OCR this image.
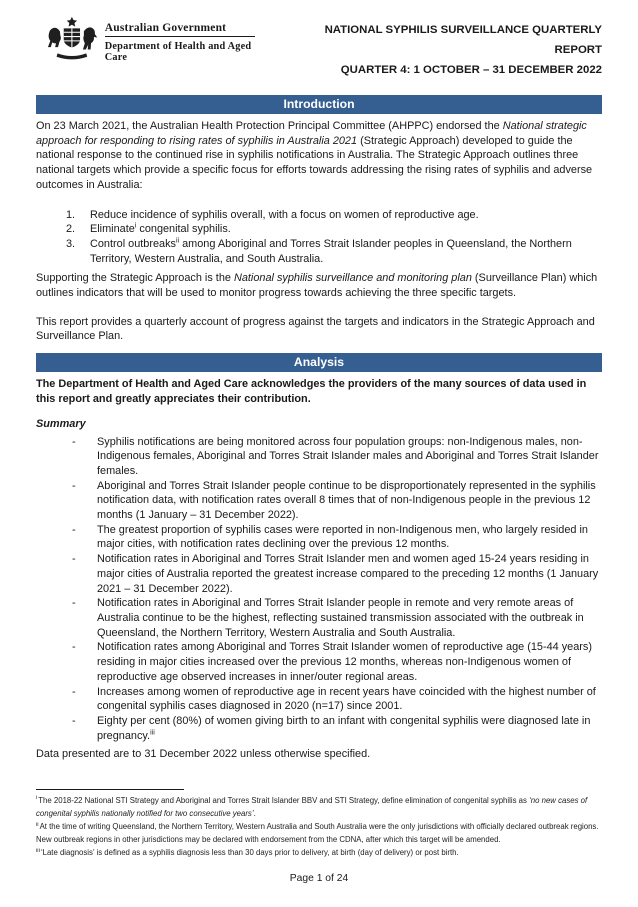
Australian Government
Department of Health and Aged Care
NATIONAL SYPHILIS SURVEILLANCE QUARTERLY REPORT
QUARTER 4: 1 OCTOBER – 31 DECEMBER 2022
Introduction

On 23 March 2021, the Australian Health Protection Principal Committee (AHPPC) endorsed the National strategic approach for responding to rising rates of syphilis in Australia 2021 (Strategic Approach) developed to guide the national response to the continued rise in syphilis notifications in Australia. The Strategic Approach outlines three national targets which provide a specific focus for efforts towards addressing the rising rates of syphilis and adverse outcomes in Australia:

1. Reduce incidence of syphilis overall, with a focus on women of reproductive age.
2. Eliminate$^i$ congenital syphilis.
3. Control outbreaks$^{ii}$ among Aboriginal and Torres Strait Islander peoples in Queensland, the Northern Territory, Western Australia, and South Australia.

Supporting the Strategic Approach is the National syphilis surveillance and monitoring plan (Surveillance Plan) which outlines indicators that will be used to monitor progress towards achieving the three specific targets.

This report provides a quarterly account of progress against the targets and indicators in the Strategic Approach and Surveillance Plan.

Analysis

The Department of Health and Aged Care acknowledges the providers of the many sources of data used in this report and greatly appreciates their contribution.

Summary

- Syphilis notifications are being monitored across four population groups: non-Indigenous males, non-Indigenous females, Aboriginal and Torres Strait Islander males and Aboriginal and Torres Strait Islander females.
- Aboriginal and Torres Strait Islander people continue to be disproportionately represented in the syphilis notification data, with notification rates overall 8 times that of non-Indigenous people in the previous 12 months (1 January – 31 December 2022).
- The greatest proportion of syphilis cases were reported in non-Indigenous men, who largely resided in major cities, with notification rates declining over the previous 12 months.
- Notification rates in Aboriginal and Torres Strait Islander men and women aged 15-24 years residing in major cities of Australia reported the greatest increase compared to the preceding 12 months (1 January 2021 – 31 December 2022).
- Notification rates in Aboriginal and Torres Strait Islander people in remote and very remote areas of Australia continue to be the highest, reflecting sustained transmission associated with the outbreak in Queensland, the Northern Territory, Western Australia and South Australia.
- Notification rates among Aboriginal and Torres Strait Islander women of reproductive age (15-44 years) residing in major cities increased over the previous 12 months, whereas non-Indigenous women of reproductive age observed increases in inner/outer regional areas.
- Increases among women of reproductive age in recent years have coincided with the highest number of congenital syphilis cases diagnosed in 2020 (n=17) since 2001.
- Eighty per cent (80%) of women giving birth to an infant with congenital syphilis were diagnosed late in pregnancy.$^{iii}$

Data presented are to 31 December 2022 unless otherwise specified.

$^i$The 2018-22 National STI Strategy and Aboriginal and Torres Strait Islander BBV and STI Strategy, define elimination of congenital syphilis as ‘no new cases of congenital syphilis nationally notified for two consecutive years’.

$^{ii}$At the time of writing Queensland, the Northern Territory, Western Australia and South Australia were the only jurisdictions with officially declared outbreak regions. New outbreak regions in other jurisdictions may be declared with endorsement from the CDNA, after which this target will be amended.

$^{iii}$‘Late diagnosis’ is defined as a syphilis diagnosis less than 30 days prior to delivery, at birth (day of delivery) or post birth.

Page 1 of 24
